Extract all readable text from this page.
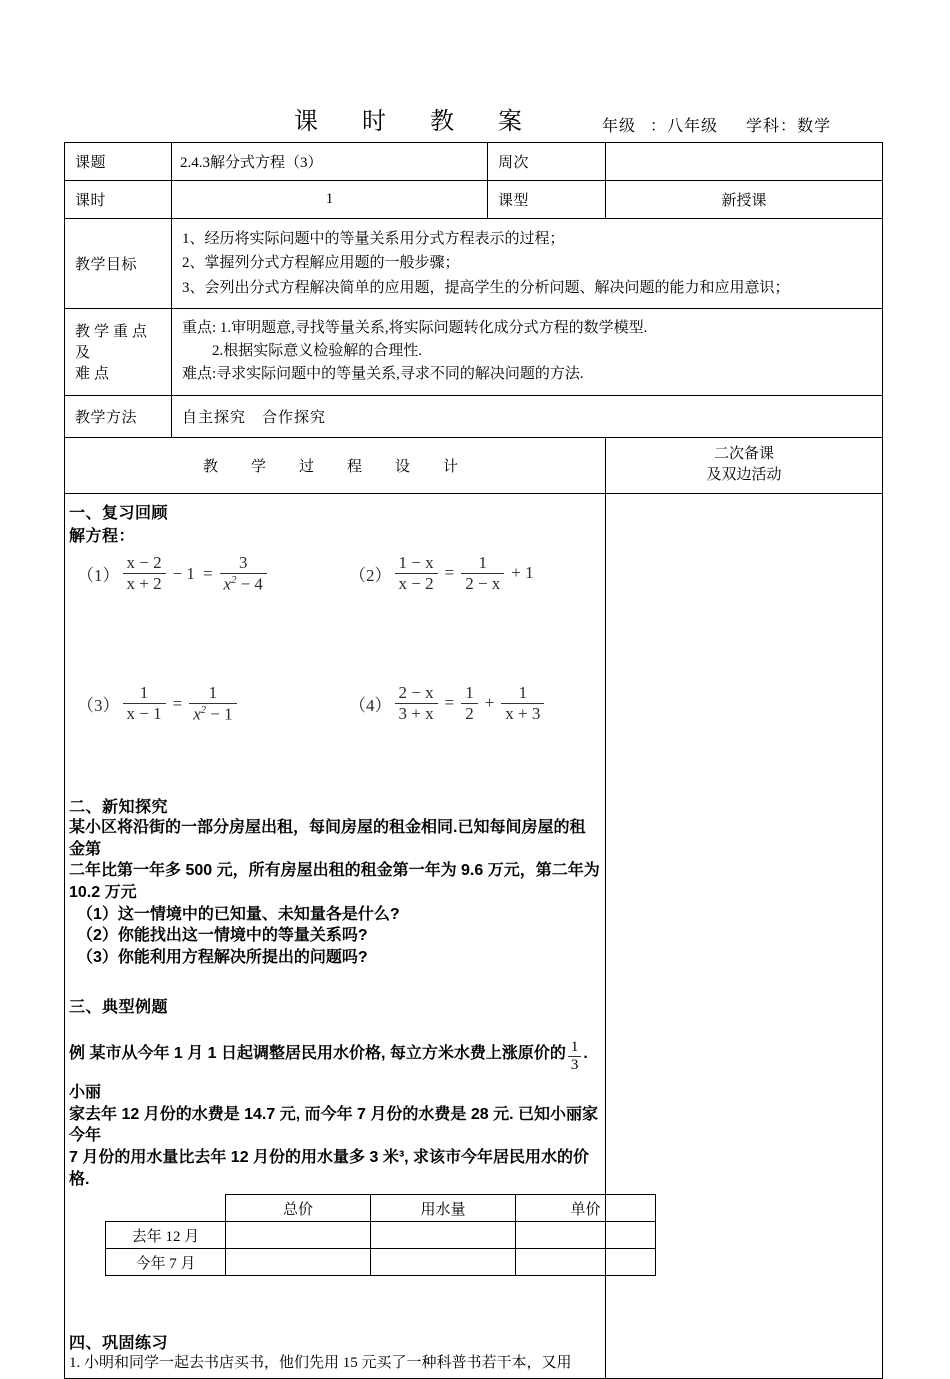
课　时　教　案	年级 ：八年级 学科：数学
课题	2.4.3解分式方程（3）	周次	
课时	1	课型	新授课
教学目标	
1、经历将实际问题中的等量关系用分式方程表示的过程；
2、掌握列分式方程解应用题的一般步骤；
3、会列出分式方程解决简单的应用题，提高学生的分析问题、解决问题的能力和应用意识；

教学重点及
难点

重点: 1.审明题意,寻找等量关系,将实际问题转化成分式方程的数学模型.
2.根据实际意义检验解的合理性.
难点:寻求实际问题中的等量关系,寻求不同的解决问题的方法.

教学方法	自主探究　合作探究
教　学　过　程　设　计	
二次备课
及双边活动

一、复习回顾
解方程：
$(1) \frac{x - 2}{x + 2} - 1 = \frac{3}{x^2 - 4}$	$(2) \frac{1 - x}{x - 2} = \frac{1}{2 - x} + 1$
$(3) \frac{1}{x - 1} = \frac{1}{x^2 - 1}$	$(4) \frac{2 - x}{3 + x} = \frac{1}{2} + \frac{1}{x + 3}$
二、新知探究
某小区将沿街的一部分房屋出租，每间房屋的租金相同.已知每间房屋的租金第
二年比第一年多 500 元，所有房屋出租的租金第一年为 9.6 万元，第二年为
10.2 万元
（1）这一情境中的已知量、未知量各是什么?
（2）你能找出这一情境中的等量关系吗?
（3）你能利用方程解决所提出的问题吗?
三、典型例题
例 某市从今年 1 月 1 日起调整居民用水价格, 每立方米水费上涨原价的 $\frac{1}{3}$ . 小丽
家去年 12 月份的水费是 14.7 元, 而今年 7 月份的水费是 28 元. 已知小丽家今年
7 月份的用水量比去年 12 月份的用水量多 3 米³, 求该市今年居民用水的价格.
	总价	用水量	单价
去年 12 月			
今年 7 月			
四、巩固练习
1. 小明和同学一起去书店买书，他们先用 15 元买了一种科普书若干本，又用
